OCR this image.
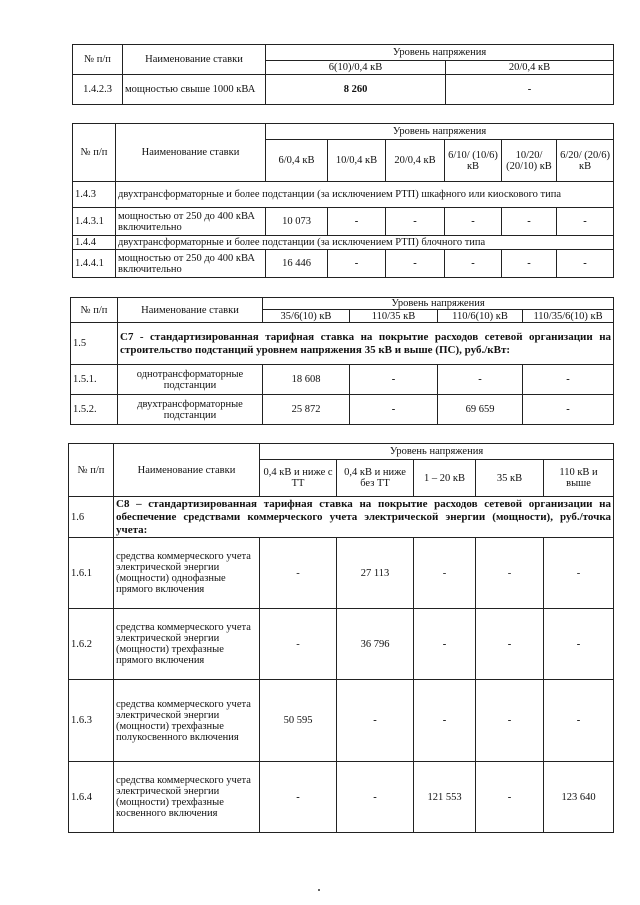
№ п/п	Наименование ставки	Уровень напряжения	
		6(10)/0,4 кВ	20/0,4 кВ
1.4.2.3	мощностью свыше 1000 кВА	8 260	-
№ п/п	Наименование ставки	Уровень напряжения					
		6/0,4 кВ	10/0,4 кВ	20/0,4 кВ	6/10/ (10/6) кВ	10/20/ (20/10) кВ	6/20/ (20/6) кВ
1.4.3	двухтрансформаторные и более подстанции (за исключением РТП) шкафного или киоскового типа						
1.4.3.1	мощностью от 250 до 400 кВА включительно	10 073	-	-	-	-	-
1.4.4	двухтрансформаторные и более подстанции (за исключением РТП) блочного типа						
1.4.4.1	мощностью от 250 до 400 кВА включительно	16 446	-	-	-	-	-
№ п/п	Наименование ставки	Уровень напряжения			
		35/6(10) кВ	110/35 кВ	110/6(10) кВ	110/35/6(10) кВ
1.5	С7 - стандартизированная тарифная ставка на покрытие расходов сетевой организации на строительство подстанций уровнем напряжения 35 кВ и выше (ПС), руб./кВт:				
1.5.1.	однотрансформаторные подстанции	18 608	-	-	-
1.5.2.	двухтрансформаторные подстанции	25 872	-	69 659	-
№ п/п	Наименование ставки	Уровень напряжения				
		0,4 кВ и ниже с ТТ	0,4 кВ и ниже без ТТ	1 – 20 кВ	35 кВ	110 кВ и выше
1.6	С8 – стандартизированная тарифная ставка на покрытие расходов сетевой организации на обеспечение средствами коммерческого учета электрической энергии (мощности), руб./точка учета:					
1.6.1	средства коммерческого учета электрической энергии (мощности) однофазные прямого включения	-	27 113	-	-	-
1.6.2	средства коммерческого учета электрической энергии (мощности) трехфазные прямого включения	-	36 796	-	-	-
1.6.3	средства коммерческого учета электрической энергии (мощности) трехфазные полукосвенного включения	50 595	-	-	-	-
1.6.4	средства коммерческого учета электрической энергии (мощности) трехфазные косвенного включения	-	-	121 553	-	123 640
